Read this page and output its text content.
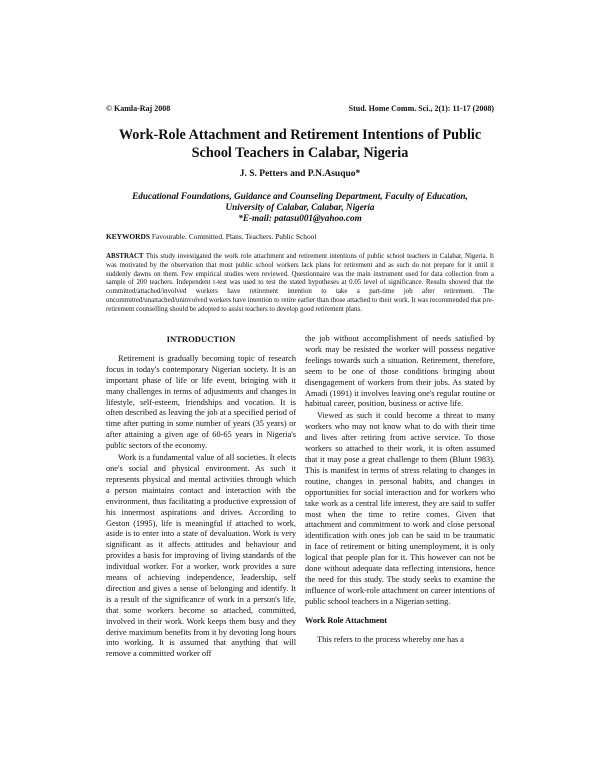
© Kamla-Raj 2008	Stud. Home Comm. Sci., 2(1): 11-17 (2008)
Work-Role Attachment and Retirement Intentions of Public
School Teachers in Calabar, Nigeria
J. S. Petters and P.N.Asuquo*
Educational Foundations, Guidance and Counseling Department, Faculty of Education,
University of Calabar, Calabar, Nigeria
*E-mail: patasu001@yahoo.com
KEYWORDS Favourable. Committed. Plans. Teachers. Public School
ABSTRACT This study investigated the work role attachment and retirement intentions of public school teachers in Calabar, Nigeria. It was motivated by the observation that most public school workers lack plans for retirement and as such do not prepare for it until it suddenly dawns on them. Few empirical studies were reviewed. Questionnaire was the main instrument used for data collection from a sample of 200 teachers. Independent t-test was used to test the stated hypotheses at 0.05 level of significance. Results showed that the committed/attached/involved workers have retirement intention to take a part-time job after retirement. The uncommitted/unattached/uninvolved workers have intention to retire earlier than those attached to their work. It was recommended that pre-retirement counselling should be adopted to assist teachers to develop good retirement plans.
INTRODUCTION

Retirement is gradually becoming topic of research focus in today's contemporary Nigerian society. It is an important phase of life or life event, bringing with it many challenges in terms of adjustments and changes in lifestyle, self-esteem, friendships and vocation. It is often described as leaving the job at a specified period of time after putting in some number of years (35 years) or after attaining a given age of 60-65 years in Nigeria's public sectors of the economy.

Work is a fundamental value of all societies. It elects one's social and physical environment. As such it represents physical and mental activities through which a person maintains contact and interaction with the environment, thus facilitating a productive expression of his innermost aspirations and drives. According to Geston (1995), life is meaningful if attached to work, aside is to enter into a state of devaluation. Work is very significant as it affects attitudes and behaviour and provides a basis for improving of living standards of the individual worker. For a worker, work provides a sure means of achieving independence, leadership, self direction and gives a sense of belonging and identify. It is a result of the significance of work in a person's life, that some workers become so attached, committed, involved in their work. Work keeps them busy and they derive maximum benefits from it by devoting long hours into working. It is assumed that anything that will remove a committed worker off

the job without accomplishment of needs satisfied by work may be resisted the worker will possess negative feelings towards such a situation. Retirement, therefore, seem to be one of those conditions bringing about disengagement of workers from their jobs. As stated by Amadi (1991) it involves leaving one's regular routine or habitual career, position, business or active life.

Viewed as such it could become a threat to many workers who may not know what to do with their time and lives after retiring from active service. To those workers so attached to their work, it is often assumed that it may pose a great challenge to them (Blunt 1983). This is manifest in terms of stress relating to changes in routine, changes in personal habits, and changes in opportunities for social interaction and for workers who take work as a central life interest, they are said to suffer most when the time to retire comes. Given that attachment and commitment to work and close personal identification with ones job can be said to be traumatic in face of retirement or biting unemployment, it is only logical that people plan for it. This however can not be done without adequate data reflecting intensions, hence the need for this study. The study seeks to examine the influence of work-role attachment on career intentions of public school teachers in a Nigerian setting.

Work Role Attachment

This refers to the process whereby one has a
